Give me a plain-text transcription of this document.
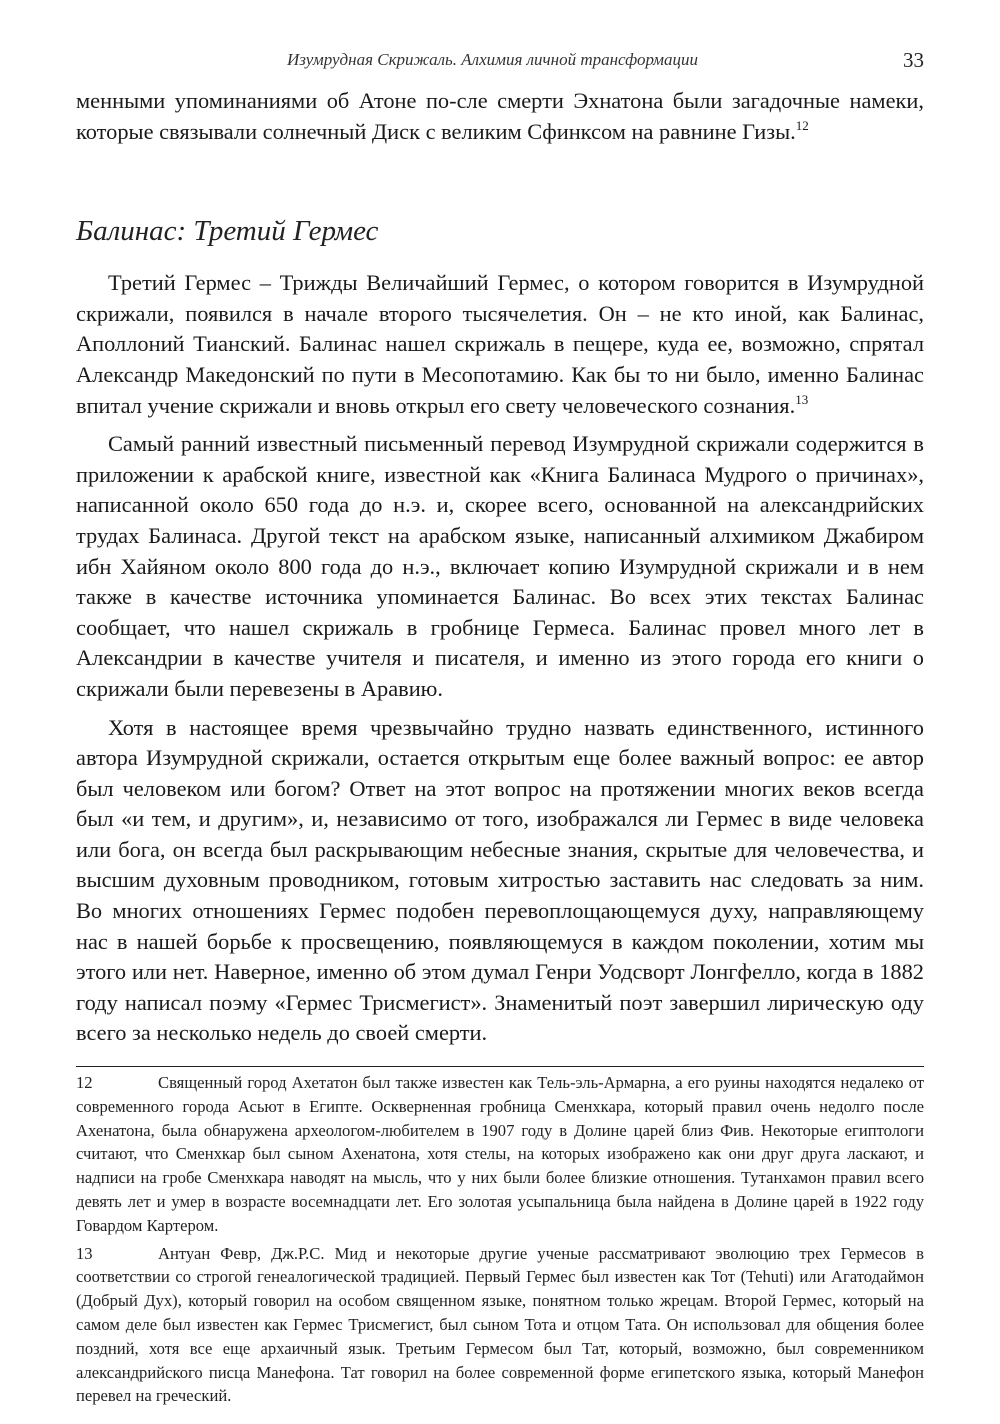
Изумрудная Скрижаль. Алхимия личной трансформации	33

менными упоминаниями об Атоне по-сле смерти Эхнатона были загадочные намеки, которые связывали солнечный Диск с великим Сфинксом на равнине Гизы.$^{12}$

Балинас: Третий Гермес

Третий Гермес – Трижды Величайший Гермес, о котором говорится в Изумрудной скрижали, появился в начале второго тысячелетия. Он – не кто иной, как Балинас, Аполлоний Тианский. Балинас нашел скрижаль в пещере, куда ее, возможно, спрятал Александр Македонский по пути в Месопотамию. Как бы то ни было, именно Балинас впитал учение скрижали и вновь открыл его свету человеческого сознания.$^{13}$

Самый ранний известный письменный перевод Изумрудной скрижали содержится в приложении к арабской книге, известной как «Книга Балинаса Мудрого о причинах», написанной около 650 года до н.э. и, скорее всего, основанной на александрийских трудах Балинаса. Другой текст на арабском языке, написанный алхимиком Джабиром ибн Хайяном около 800 года до н.э., включает копию Изумрудной скрижали и в нем также в качестве источника упоминается Балинас. Во всех этих текстах Балинас сообщает, что нашел скрижаль в гробнице Гермеса. Балинас провел много лет в Александрии в качестве учителя и писателя, и именно из этого города его книги о скрижали были перевезены в Аравию.

Хотя в настоящее время чрезвычайно трудно назвать единственного, истинного автора Изумрудной скрижали, остается открытым еще более важный вопрос: ее автор был человеком или богом? Ответ на этот вопрос на протяжении многих веков всегда был «и тем, и другим», и, независимо от того, изображался ли Гермес в виде человека или бога, он всегда был раскрывающим небесные знания, скрытые для человечества, и высшим духовным проводником, готовым хитростью заставить нас следовать за ним. Во многих отношениях Гермес подобен перевоплощающемуся духу, направляющему нас в нашей борьбе к просвещению, появляющемуся в каждом поколении, хотим мы этого или нет. Наверное, именно об этом думал Генри Уодсворт Лонгфелло, когда в 1882 году написал поэму «Гермес Трисмегист». Знаменитый поэт завершил лирическую оду всего за несколько недель до своей смерти.

12	Священный город Ахетатон был также известен как Тель-эль-Армарна, а его руины находятся недалеко от современного города Асьют в Египте. Оскверненная гробница Сменхкара, который правил очень недолго после Ахенатона, была обнаружена археологом-любителем в 1907 году в Долине царей близ Фив. Некоторые египтологи считают, что Сменхкар был сыном Ахенатона, хотя стелы, на которых изображено как они друг друга ласкают, и надписи на гробе Сменхкара наводят на мысль, что у них были более близкие отношения. Тутанхамон правил всего девять лет и умер в возрасте восемнадцати лет. Его золотая усыпальница была найдена в Долине царей в 1922 году Говардом Картером.

13	Антуан Февр, Дж.Р.С. Мид и некоторые другие ученые рассматривают эволюцию трех Гермесов в соответствии со строгой генеалогической традицией. Первый Гермес был известен как Тот (Tehuti) или Агатодаймон (Добрый Дух), который говорил на особом священном языке, понятном только жрецам. Второй Гермес, который на самом деле был известен как Гермес Трисмегист, был сыном Тота и отцом Тата. Он использовал для общения более поздний, хотя все еще архаичный язык. Третьим Гермесом был Тат, который, возможно, был современником александрийского писца Манефона. Тат говорил на более современной форме египетского языка, который Манефон перевел на греческий.
